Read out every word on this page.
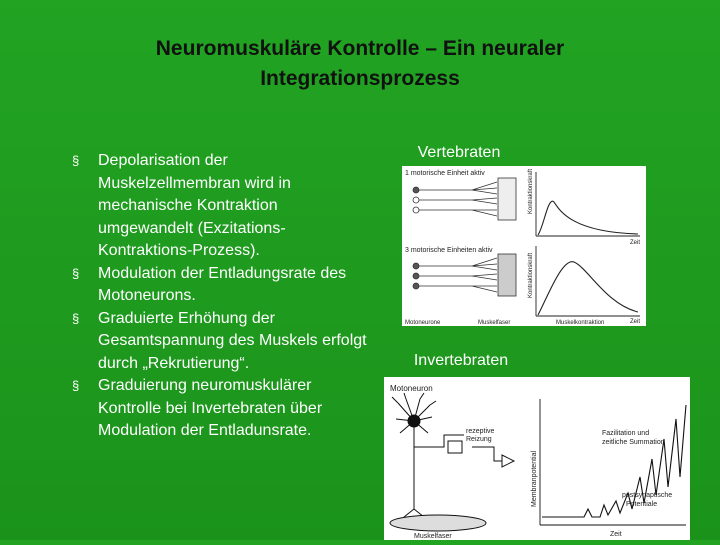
Neuromuskuläre Kontrolle – Ein neuraler
Integrationsprozess
§ Depolarisation der Muskelzellmembran wird in mechanische Kontraktion umgewandelt (Exzitations-Kontraktions-Prozess).
§ Modulation der Entladungsrate des Motoneurons.
§ Graduierte Erhöhung der Gesamtspannung des Muskels erfolgt durch „Rekrutierung“.
§ Graduierung neuromuskulärer Kontrolle bei Invertebraten über Modulation der Entladunsrate.
Vertebraten
1 motorische Einheit aktiv	Kontraktionskraft
Zeit
3 motorische Einheiten aktiv
Kontraktionskraft
Zeit
Motoneurone	Muskelfaser	Muskelkontraktion
Invertebraten
Motoneuron
rezeptive
Reizung
Muskelfaser
Membranpotential
Fazilitation und
zeitliche Summation
postsynaptische
Potentiale
Zeit
